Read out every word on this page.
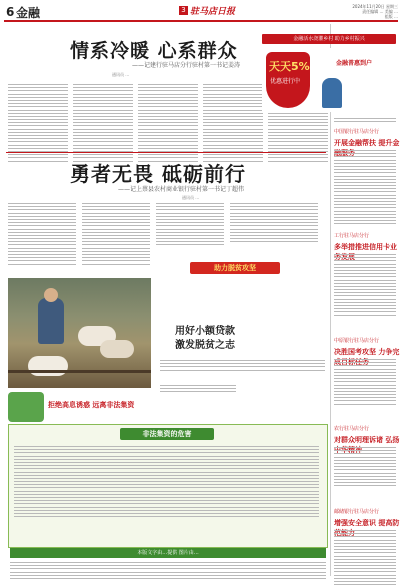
6 金融	3 驻马店日报	2024年11月20日 星期三
责任编辑 … 美编 …
组版 …
情系冷暖 心系群众
——记建行驻马店分行驻村第一书记姜涛
通讯员 …
勇者无畏 砥砺前行
——记上蔡县农村商业银行驻村第一书记丁超伟
通讯员 …
助力脱贫攻坚
用好小额贷款
激发脱贫之志
拒绝高息诱惑 远离非法集资
非法集资的危害
本版文字由…提供 图片由…
金融活水浇灌乡村 助力乡村振兴
天天5%
优惠进行中
金融普惠到户
中国银行驻马店分行
开展金融帮扶 提升金
工行驻马店分行
多举措推进信用卡业
中原银行驻马店分行
决胜国考攻坚 力争完
农行驻马店分行
对群众明理诉诸 弘扬
邮储银行驻马店分行
增强安全意识 提高防
